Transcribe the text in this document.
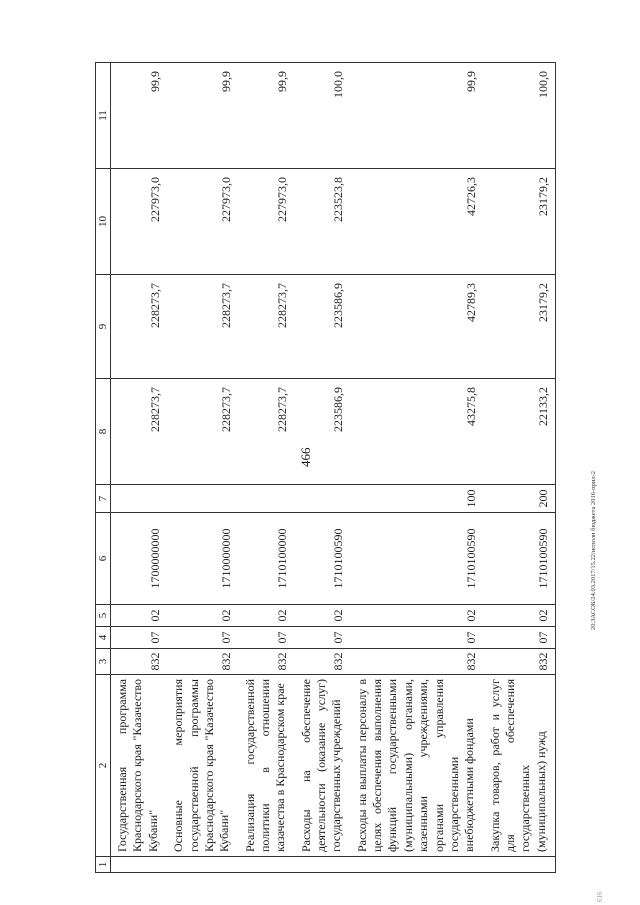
466
1	2	3	4	5	6	7	8	9	10	11
	Государственная программа Краснодарского края "Казачество Кубани"	832	07	02	1700000000		228273,7	228273,7	227973,0	99,9
	Основные мероприятия государственной программы Краснодарского края "Казачество Кубани"	832	07	02	1710000000		228273,7	228273,7	227973,0	99,9
	Реализация государственной политики в отношении казачества в Краснодарском крае	832	07	02	1710100000		228273,7	228273,7	227973,0	99,9
	Расходы на обеспечение деятельности (оказание услуг) государственных учреждений	832	07	02	1710100590		223586,9	223586,9	223523,8	100,0
	Расходы на выплаты персоналу в целях обеспечения выполнения функций государственными (муниципальными) органами, казенными учреждениями, органами управления государственными внебюджетными фондами	832	07	02	1710100590	100	43275,8	42789,3	42726,3	99,9
	Закупка товаров, работ и услуг для обеспечения государственных (муниципальных) нужд	832	07	02	1710100590	200	22133,2	23179,2	23179,2	100,0
20.ЗАСОБ/24.03.2017/15.22/исполн бюджета 2016-прил-2
616
